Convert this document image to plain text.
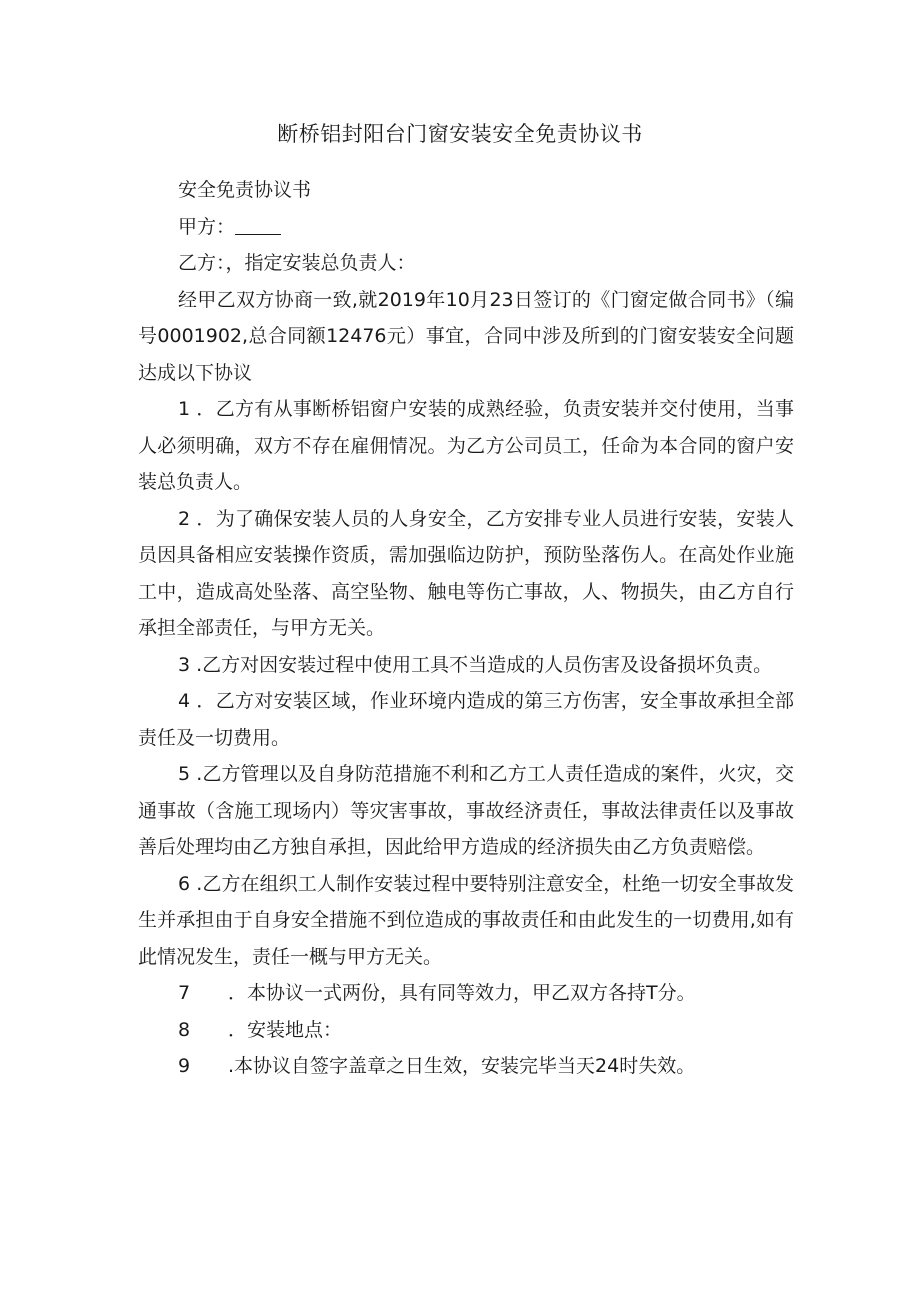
断桥铝封阳台门窗安装安全免责协议书

安全免责协议书

甲方：

乙方：，指定安装总负责人：

经甲乙双方协商一致,就2019年10月23日签订的《门窗定做合同书》（编号0001902,总合同额12476元）事宜，合同中涉及所到的门窗安装安全问题达成以下协议

1 ．乙方有从事断桥铝窗户安装的成熟经验，负责安装并交付使用，当事人必须明确，双方不存在雇佣情况。为乙方公司员工，任命为本合同的窗户安装总负责人。

2 ．为了确保安装人员的人身安全，乙方安排专业人员进行安装，安装人员因具备相应安装操作资质，需加强临边防护，预防坠落伤人。在高处作业施工中，造成高处坠落、高空坠物、触电等伤亡事故，人、物损失，由乙方自行承担全部责任，与甲方无关。

3 .乙方对因安装过程中使用工具不当造成的人员伤害及设备损坏负责。

4 ．乙方对安装区域，作业环境内造成的第三方伤害，安全事故承担全部责任及一切费用。

5 .乙方管理以及自身防范措施不利和乙方工人责任造成的案件，火灾，交通事故（含施工现场内）等灾害事故，事故经济责任，事故法律责任以及事故善后处理均由乙方独自承担，因此给甲方造成的经济损失由乙方负责赔偿。

6 .乙方在组织工人制作安装过程中要特别注意安全，杜绝一切安全事故发生并承担由于自身安全措施不到位造成的事故责任和由此发生的一切费用,如有此情况发生，责任一概与甲方无关。

7 ．本协议一式两份，具有同等效力，甲乙双方各持T分。

8 ．安装地点：

9 .本协议自签字盖章之日生效，安装完毕当天24时失效。
